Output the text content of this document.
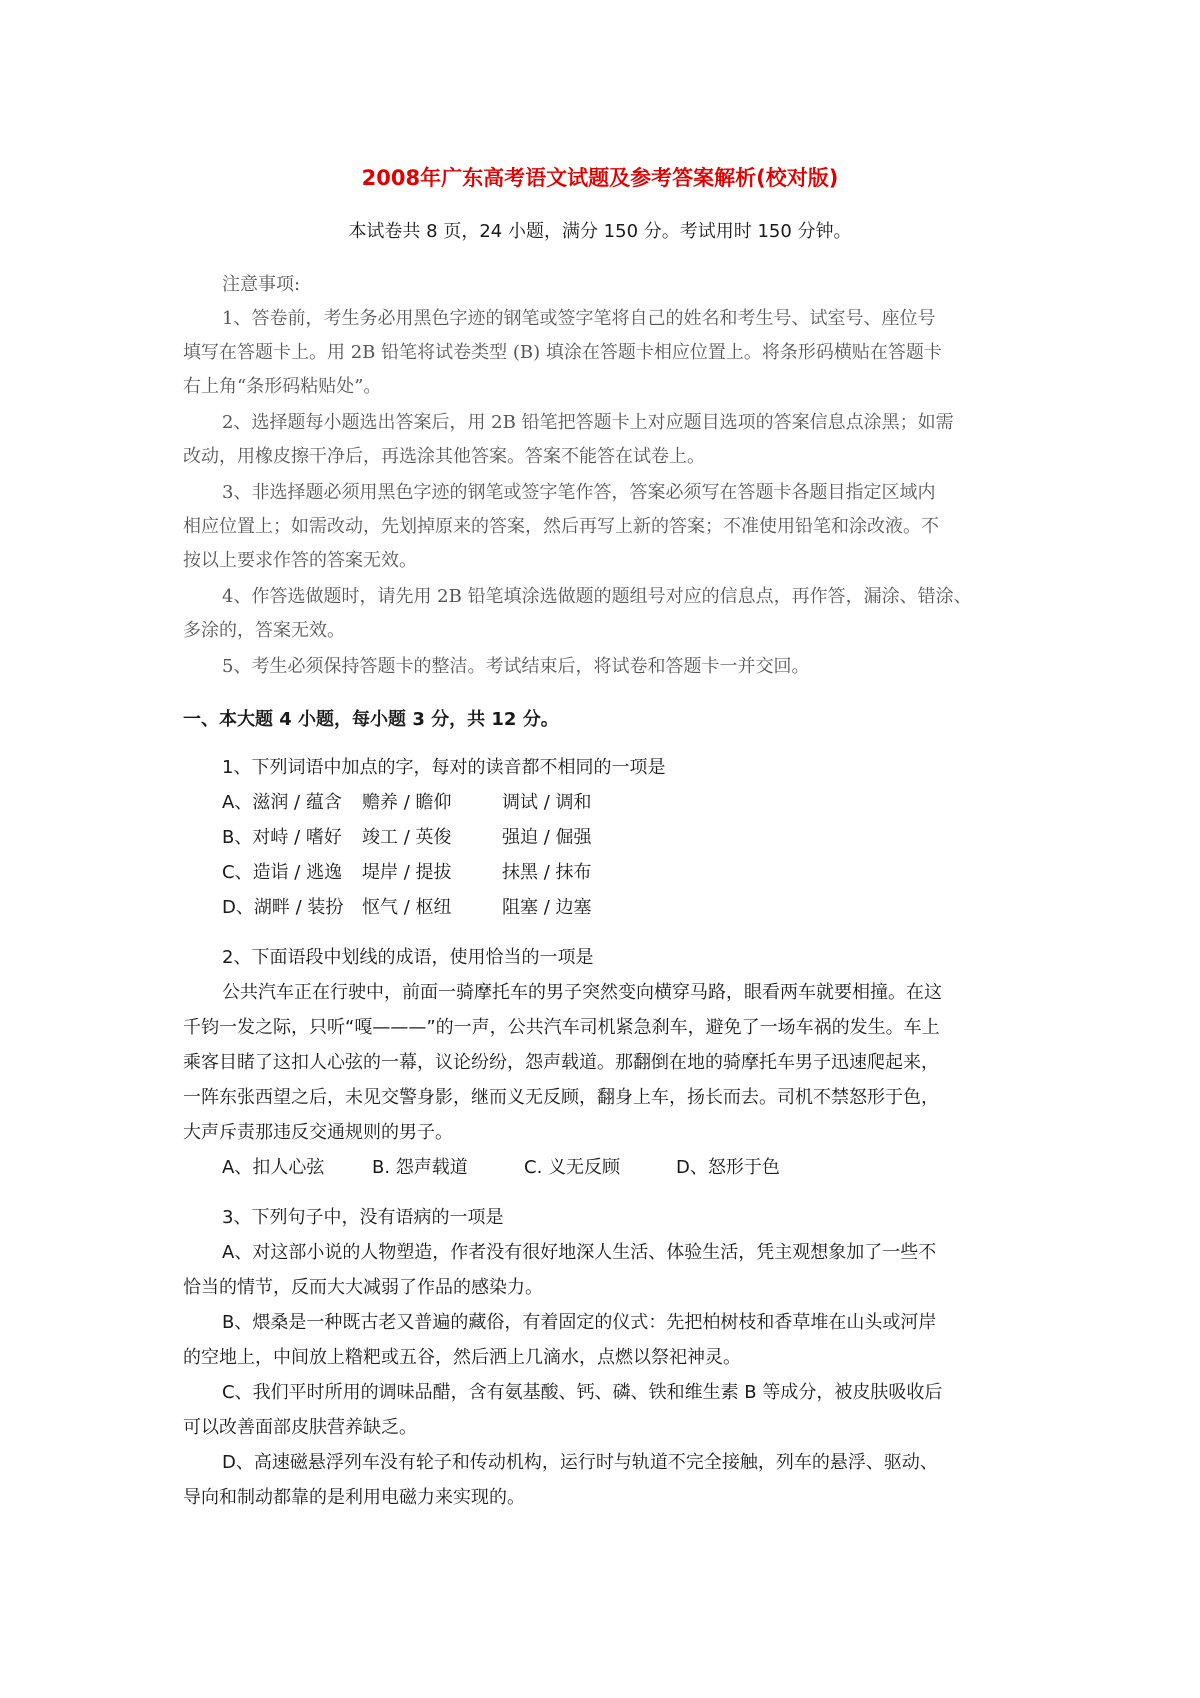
2008年广东高考语文试题及参考答案解析(校对版)
本试卷共 8 页，24 小题，满分 150 分。考试用时 150 分钟。
注意事项:
1、答卷前，考生务必用黑色字迹的钢笔或签字笔将自己的姓名和考生号、试室号、座位号
填写在答题卡上。用 2B 铅笔将试卷类型 (B) 填涂在答题卡相应位置上。将条形码横贴在答题卡
右上角“条形码粘贴处”。
2、选择题每小题选出答案后，用 2B 铅笔把答题卡上对应题目选项的答案信息点涂黑；如需
改动，用橡皮擦干净后，再选涂其他答案。答案不能答在试卷上。
3、非选择题必须用黑色字迹的钢笔或签字笔作答，答案必须写在答题卡各题目指定区域内
相应位置上；如需改动，先划掉原来的答案，然后再写上新的答案；不准使用铅笔和涂改液。不
按以上要求作答的答案无效。
4、作答选做题时，请先用 2B 铅笔填涂选做题的题组号对应的信息点，再作答，漏涂、错涂、
多涂的，答案无效。
5、考生必须保持答题卡的整洁。考试结束后，将试卷和答题卡一并交回。
一、本大题 4 小题，每小题 3 分，共 12 分。
1、下列词语中加点的字，每对的读音都不相同的一项是
A、滋润 / 蕴含 赡养 / 瞻仰	调试 / 调和
B、对峙 / 嗜好 竣工 / 英俊	强迫 / 倔强
C、造诣 / 逃逸 堤岸 / 提拔	抹黑 / 抹布
D、湖畔 / 装扮 怄气 / 枢纽	阻塞 / 边塞
2、下面语段中划线的成语，使用恰当的一项是
公共汽车正在行驶中，前面一骑摩托车的男子突然变向横穿马路，眼看两车就要相撞。在这
千钧一发之际，只听“嘎———”的一声，公共汽车司机紧急刹车，避免了一场车祸的发生。车上
乘客目睹了这扣人心弦的一幕，议论纷纷，怨声载道。那翻倒在地的骑摩托车男子迅速爬起来，
一阵东张西望之后，未见交警身影，继而义无反顾，翻身上车，扬长而去。司机不禁怒形于色，
大声斥责那违反交通规则的男子。
A、扣人心弦	B. 怨声载道	C. 义无反顾	D、怒形于色
3、下列句子中，没有语病的一项是
A、对这部小说的人物塑造，作者没有很好地深人生活、体验生活，凭主观想象加了一些不
恰当的情节，反而大大减弱了作品的感染力。
B、煨桑是一种既古老又普遍的藏俗，有着固定的仪式：先把柏树枝和香草堆在山头或河岸
的空地上，中间放上糌粑或五谷，然后洒上几滴水，点燃以祭祀神灵。
C、我们平时所用的调味品醋，含有氨基酸、钙、磷、铁和维生素 B 等成分，被皮肤吸收后
可以改善面部皮肤营养缺乏。
D、高速磁悬浮列车没有轮子和传动机构，运行时与轨道不完全接触，列车的悬浮、驱动、
导向和制动都靠的是利用电磁力来实现的。
